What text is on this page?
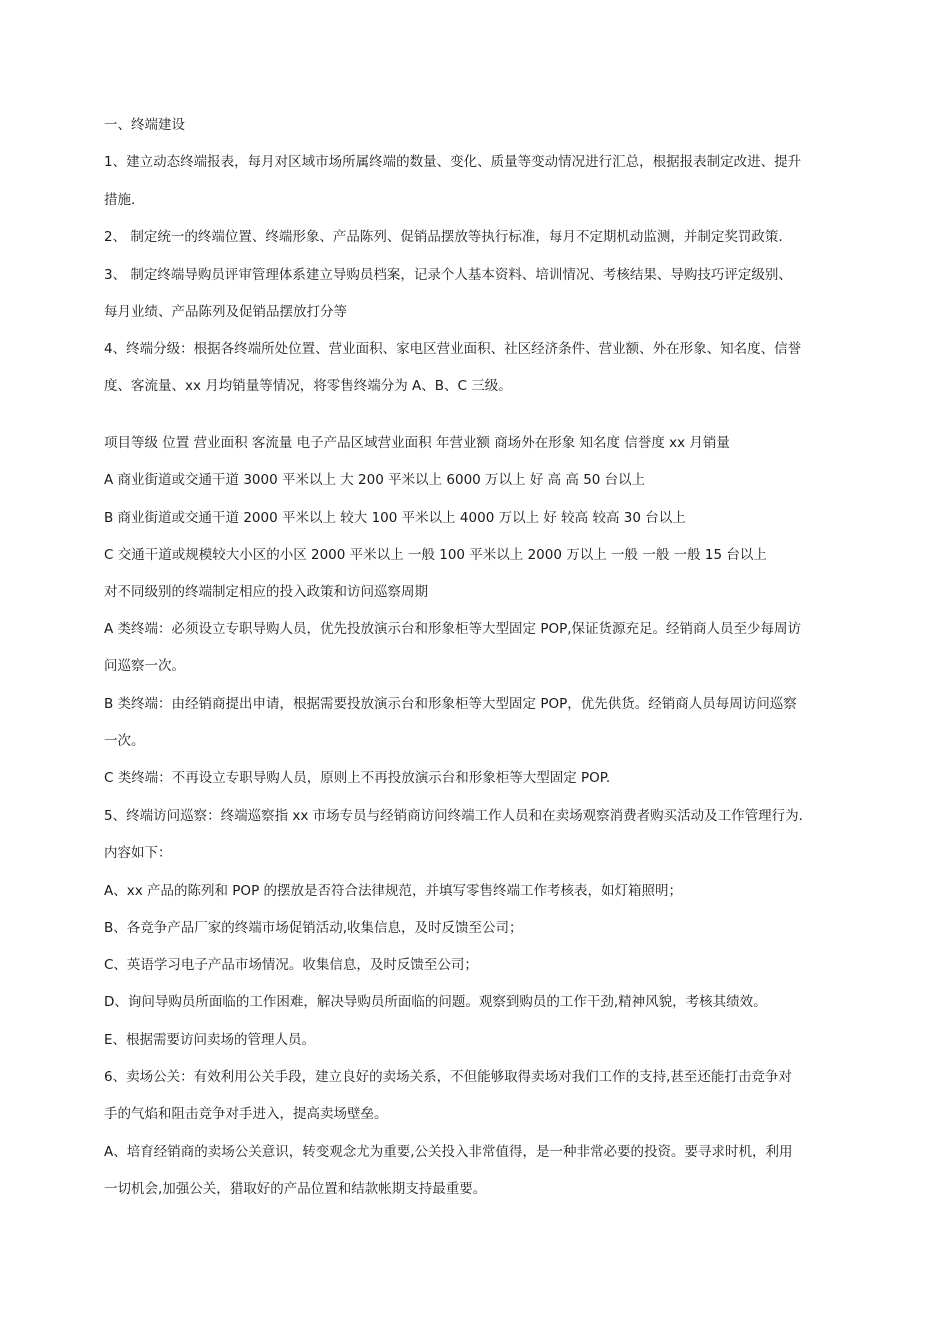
一、终端建设
1、建立动态终端报表，每月对区域市场所属终端的数量、变化、质量等变动情况进行汇总，根据报表制定改进、提升
措施.
2、 制定统一的终端位置、终端形象、产品陈列、促销品摆放等执行标准，每月不定期机动监测，并制定奖罚政策.
3、 制定终端导购员评审管理体系建立导购员档案，记录个人基本资料、培训情况、考核结果、导购技巧评定级别、
每月业绩、产品陈列及促销品摆放打分等
4、终端分级：根据各终端所处位置、营业面积、家电区营业面积、社区经济条件、营业额、外在形象、知名度、信誉
度、客流量、xx 月均销量等情况，将零售终端分为 A、B、C 三级。
项目等级 位置 营业面积 客流量 电子产品区域营业面积 年营业额 商场外在形象 知名度 信誉度 xx 月销量
A 商业街道或交通干道 3000 平米以上 大 200 平米以上 6000 万以上 好 高 高 50 台以上
B 商业街道或交通干道 2000 平米以上 较大 100 平米以上 4000 万以上 好 较高 较高 30 台以上
C 交通干道或规模较大小区的小区 2000 平米以上 一般 100 平米以上 2000 万以上 一般 一般 一般 15 台以上
对不同级别的终端制定相应的投入政策和访问巡察周期
A 类终端：必须设立专职导购人员，优先投放演示台和形象柜等大型固定 POP,保证货源充足。经销商人员至少每周访
问巡察一次。
B 类终端：由经销商提出申请，根据需要投放演示台和形象柜等大型固定 POP，优先供货。经销商人员每周访问巡察
一次。
C 类终端：不再设立专职导购人员，原则上不再投放演示台和形象柜等大型固定 POP.
5、终端访问巡察：终端巡察指 xx 市场专员与经销商访问终端工作人员和在卖场观察消费者购买活动及工作管理行为.
内容如下：
A、xx 产品的陈列和 POP 的摆放是否符合法律规范，并填写零售终端工作考核表，如灯箱照明；
B、各竞争产品厂家的终端市场促销活动,收集信息，及时反馈至公司；
C、英语学习电子产品市场情况。收集信息，及时反馈至公司；
D、询问导购员所面临的工作困难，解决导购员所面临的问题。观察到购员的工作干劲,精神风貌，考核其绩效。
E、根据需要访问卖场的管理人员。
6、卖场公关：有效利用公关手段，建立良好的卖场关系，不但能够取得卖场对我们工作的支持,甚至还能打击竞争对
手的气焰和阻击竞争对手进入，提高卖场壁垒。
A、培育经销商的卖场公关意识，转变观念尤为重要,公关投入非常值得，是一种非常必要的投资。要寻求时机，利用
一切机会,加强公关，猎取好的产品位置和结款帐期支持最重要。
